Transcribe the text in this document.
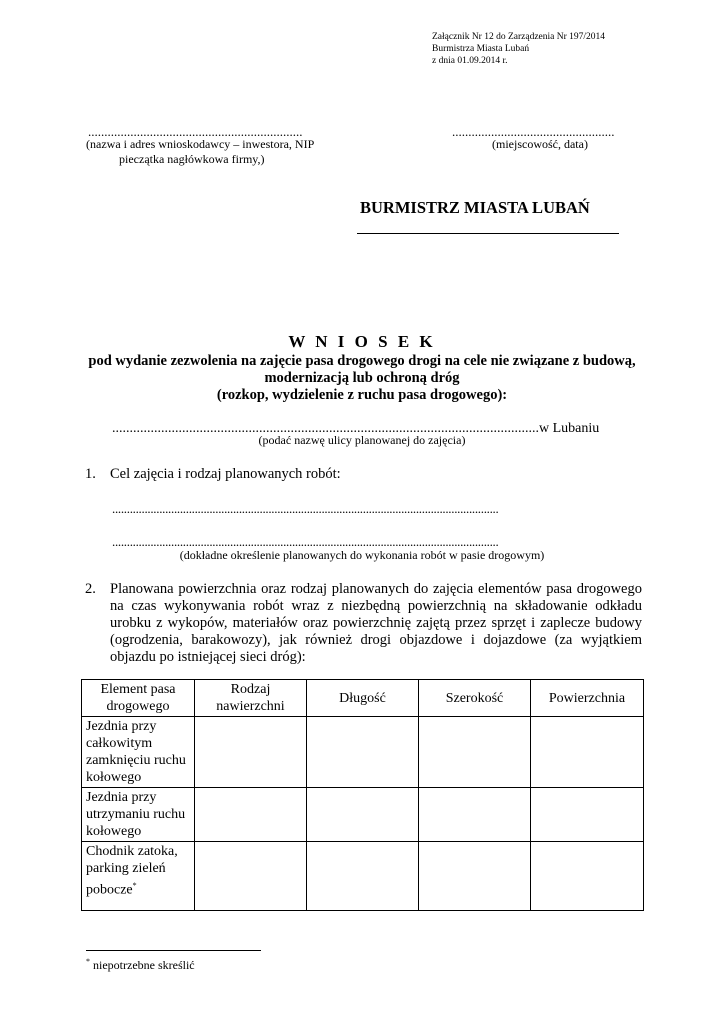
Załącznik Nr 12 do Zarządzenia Nr 197/2014
Burmistrza Miasta Lubań
z dnia 01.09.2014 r.
..................................................................
(nazwa i adres wnioskodawcy – inwestora, NIP
pieczątka nagłówkowa firmy,)
..................................................
(miejscowość, data)
BURMISTRZ MIASTA LUBAŃ
W N I O S E K
pod wydanie zezwolenia na zajęcie pasa drogowego drogi na cele nie związane z budową,
modernizacją lub ochroną dróg
(rozkop, wydzielenie z ruchu pasa drogowego):
..........................................................................................................................w Lubaniu
(podać nazwę ulicy planowanej do zajęcia)
1. Cel zajęcia i rodzaj planowanych robót:
...................................................................................................................................
...................................................................................................................................
(dokładne określenie planowanych do wykonania robót w pasie drogowym)
2. Planowana powierzchnia oraz rodzaj planowanych do zajęcia elementów pasa drogowego na czas wykonywania robót wraz z niezbędną powierzchnią na składowanie odkładu urobku z wykopów, materiałów oraz powierzchnię zajętą przez sprzęt i zaplecze budowy (ogrodzenia, barakowozy), jak również drogi objazdowe i dojazdowe (za wyjątkiem objazdu po istniejącej sieci dróg):
Element pasa drogowego	Rodzaj nawierzchni	Długość	Szerokość	Powierzchnia
Jezdnia przy całkowitym zamknięciu ruchu kołowego				
Jezdnia przy utrzymaniu ruchu kołowego				
Chodnik zatoka, parking zieleń pobocze*				
* niepotrzebne skreślić
